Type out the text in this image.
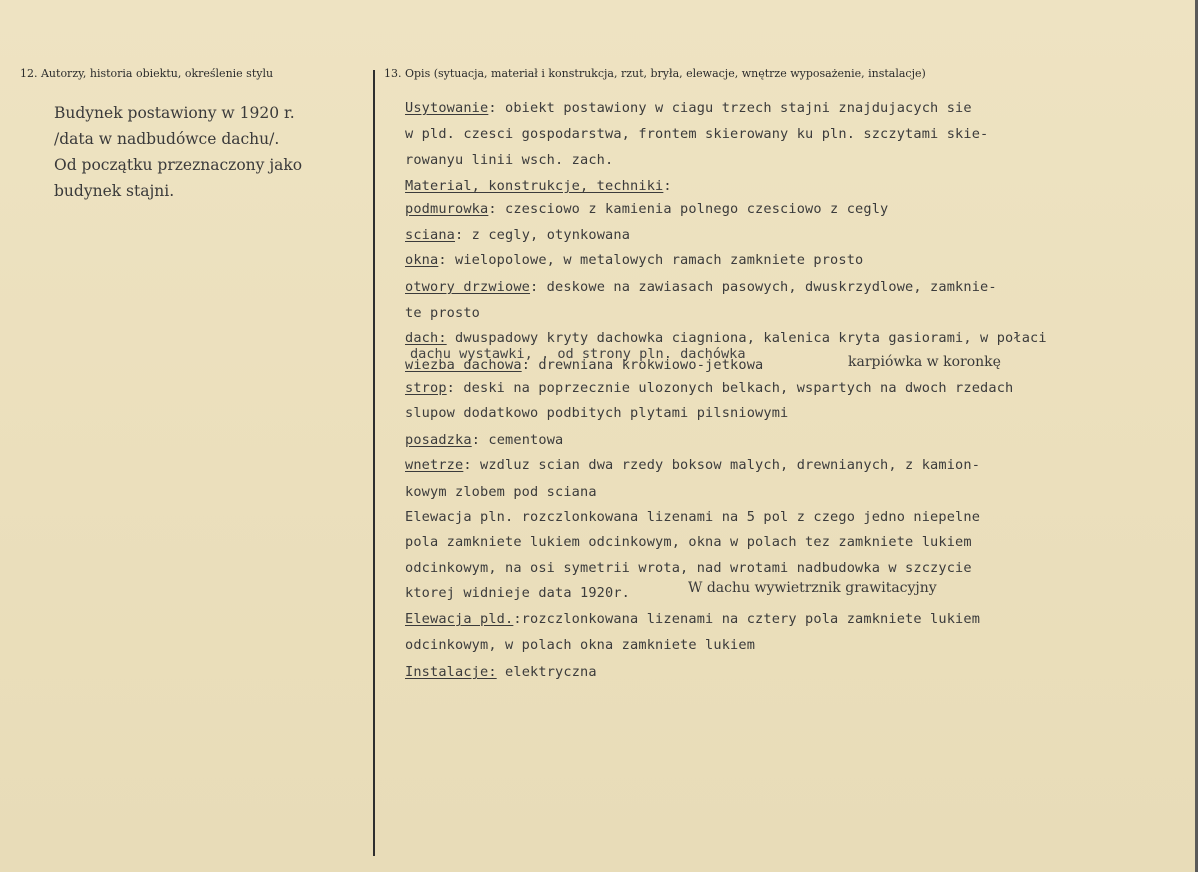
12. Autorzy, historia obiektu, określenie stylu	13. Opis (sytuacja, materiał i konstrukcja, rzut, bryła, elewacje, wnętrze wyposażenie, instalacje)
Budynek postawiony w 1920 r.
/data w nadbudówce dachu/.
Od początku przeznaczony jako
budynek stajni.
Usytowanie: obiekt postawiony w ciagu trzech stajni znajdujacych sie
w pld. czesci gospodarstwa, frontem skierowany ku pln. szczytami skie-
rowanyu linii wsch. zach.
Material, konstrukcje, techniki:
podmurowka: czesciowo z kamienia polnego czesciowo z cegly
sciana: z cegly, otynkowana
okna: wielopolowe, w metalowych ramach zamkniete prosto
otwory drzwiowe: deskowe na zawiasach pasowych, dwuskrzydlowe, zamknie-
te prosto
dach: dwuspadowy kryty dachowka ciagniona, kalenica kryta gasiorami, w połaci
dachu wystawki, , od strony pln. dachówka
wiezba dachowa: drewniana krokwiowo-jetkowa	karpiówka w koronkę
strop: deski na poprzecznie ulozonych belkach, wspartych na dwoch rzedach
slupow dodatkowo podbitych plytami pilsniowymi
posadzka: cementowa
wnetrze: wzdluz scian dwa rzedy boksow malych, drewnianych, z kamion-
kowym zlobem pod sciana
Elewacja pln. rozczlonkowana lizenami na 5 pol z czego jedno niepelne
pola zamkniete lukiem odcinkowym, okna w polach tez zamkniete lukiem
odcinkowym, na osi symetrii wrota, nad wrotami nadbudowka w szczycie
ktorej widnieje data 1920r.	W dachu wywietrznik grawitacyjny
Elewacja pld.:rozczlonkowana lizenami na cztery pola zamkniete lukiem
odcinkowym, w polach okna zamkniete lukiem
Instalacje: elektryczna
